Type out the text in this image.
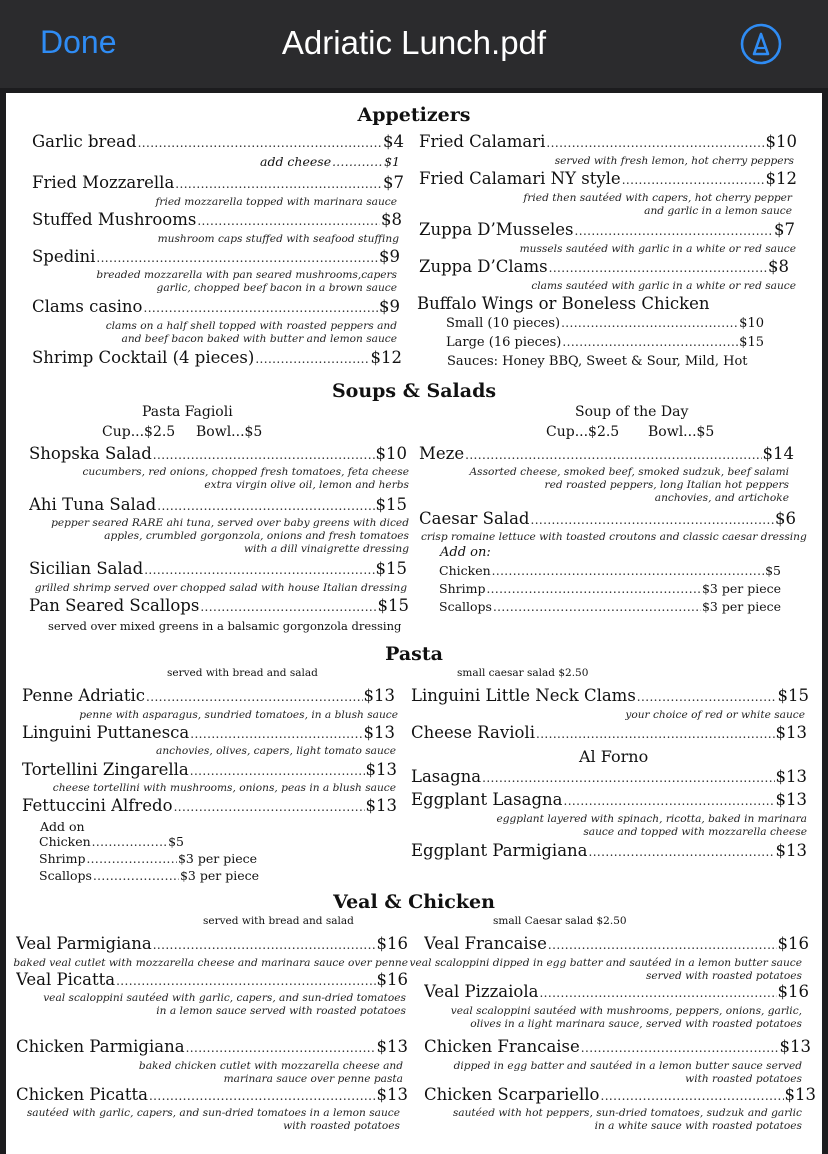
Done	Adriatic Lunch.pdf
Appetizers
Garlic bread .....	$4
add cheese .....	$1
Fried Mozzarella .....	$7
fried mozzarella topped with marinara sauce
Stuffed Mushrooms .....	$8
mushroom caps stuffed with seafood stuffing
Spedini .....	$9
breaded mozzarella with pan seared mushrooms,capers
garlic, chopped beef bacon in a brown sauce
Clams casino .....	$9
clams on a half shell topped with roasted peppers and
and beef bacon baked with butter and lemon sauce
Shrimp Cocktail (4 pieces) .....	$12
Fried Calamari .....	$10
served with fresh lemon, hot cherry peppers
Fried Calamari NY style .....	$12
fried then sautéed with capers, hot cherry pepper
and garlic in a lemon sauce
Zuppa D’Musseles .....	$7
mussels sautéed with garlic in a white or red sauce
Zuppa D’Clams .....	$8
clams sautéed with garlic in a white or red sauce
Buffalo Wings or Boneless Chicken
Small (10 pieces) .....	$10
Large (16 pieces) .....	$15
Sauces: Honey BBQ, Sweet & Sour, Mild, Hot
Soups & Salads
Pasta Fagioli
Cup...$2.5 Bowl...$5
Soup of the Day
Cup...$2.5 Bowl...$5
Shopska Salad .....	$10
cucumbers, red onions, chopped fresh tomatoes, feta cheese
extra virgin olive oil, lemon and herbs
Ahi Tuna Salad .....	$15
pepper seared RARE ahi tuna, served over baby greens with diced
apples, crumbled gorgonzola, onions and fresh tomatoes
with a dill vinaigrette dressing
Sicilian Salad .....	$15
grilled shrimp served over chopped salad with house Italian dressing
Pan Seared Scallops .....	$15
served over mixed greens in a balsamic gorgonzola dressing
Meze .....	$14
Assorted cheese, smoked beef, smoked sudzuk, beef salami
red roasted peppers, long Italian hot peppers
anchovies, and artichoke
Caesar Salad .....	$6
crisp romaine lettuce with toasted croutons and classic caesar dressing
Add on:
Chicken .....	$5
Shrimp .....	$3 per piece
Scallops .....	$3 per piece
Pasta
served with bread and salad	small caesar salad $2.50
Penne Adriatic .....	$13
penne with asparagus, sundried tomatoes, in a blush sauce
Linguini Puttanesca .....	$13
anchovies, olives, capers, light tomato sauce
Tortellini Zingarella .....	$13
cheese tortellini with mushrooms, onions, peas in a blush sauce
Fettuccini Alfredo .....	$13
Add on
Chicken .....	$5
Shrimp .....	$3 per piece
Scallops .....	$3 per piece
Linguini Little Neck Clams .....	$15
your choice of red or white sauce
Cheese Ravioli .....	$13
Al Forno
Lasagna .....	$13
Eggplant Lasagna .....	$13
eggplant layered with spinach, ricotta, baked in marinara
sauce and topped with mozzarella cheese
Eggplant Parmigiana .....	$13
Veal & Chicken
served with bread and salad	small Caesar salad $2.50
Veal Parmigiana .....	$16
baked veal cutlet with mozzarella cheese and marinara sauce over penne
Veal Picatta .....	$16
veal scaloppini sautéed with garlic, capers, and sun-dried tomatoes
in a lemon sauce served with roasted potatoes
Chicken Parmigiana .....	$13
baked chicken cutlet with mozzarella cheese and
marinara sauce over penne pasta
Chicken Picatta .....	$13
sautéed with garlic, capers, and sun-dried tomatoes in a lemon sauce
with roasted potatoes
Veal Francaise .....	$16
veal scaloppini dipped in egg batter and sautéed in a lemon butter sauce
served with roasted potatoes
Veal Pizzaiola .....	$16
veal scaloppini sautéed with mushrooms, peppers, onions, garlic,
olives in a light marinara sauce, served with roasted potatoes
Chicken Francaise .....	$13
dipped in egg batter and sautéed in a lemon butter sauce served
with roasted potatoes
Chicken Scarpariello .....	$13
sautéed with hot peppers, sun-dried tomatoes, sudzuk and garlic
in a white sauce with roasted potatoes
